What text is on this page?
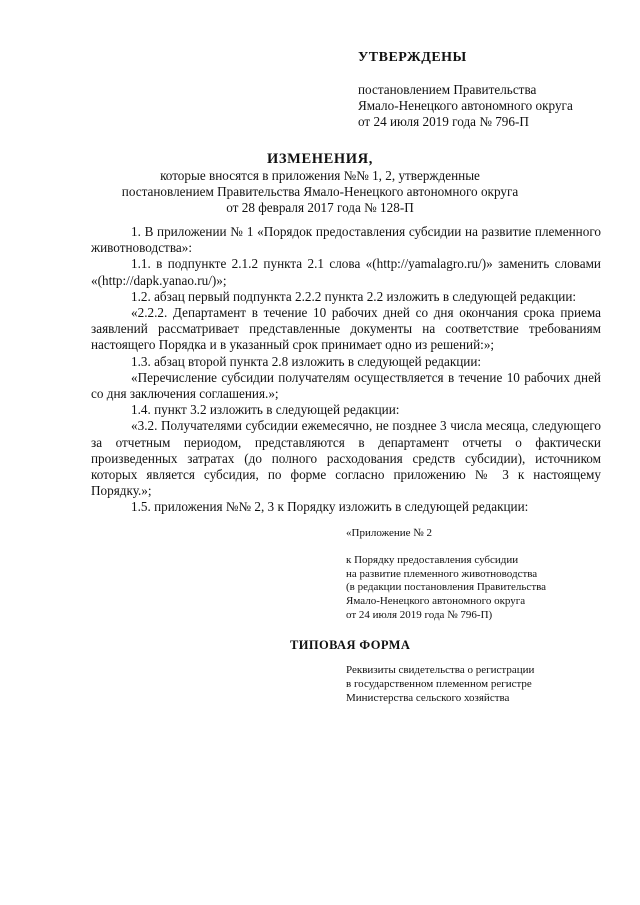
УТВЕРЖДЕНЫ
постановлением Правительства
Ямало-Ненецкого автономного округа
от 24 июля 2019 года № 796-П
ИЗМЕНЕНИЯ,
которые вносятся в приложения №№ 1, 2, утвержденные
постановлением Правительства Ямало-Ненецкого автономного округа
от 28 февраля 2017 года № 128-П

1. В приложении № 1 «Порядок предоставления субсидии на развитие племенного животноводства»:

1.1. в подпункте 2.1.2 пункта 2.1 слова «(http://yamalagro.ru/)» заменить словами «(http://dapk.yanao.ru/)»;

1.2. абзац первый подпункта 2.2.2 пункта 2.2 изложить в следующей редакции:

«2.2.2. Департамент в течение 10 рабочих дней со дня окончания срока приема заявлений рассматривает представленные документы на соответствие требованиям настоящего Порядка и в указанный срок принимает одно из решений:»;

1.3. абзац второй пункта 2.8 изложить в следующей редакции:

«Перечисление субсидии получателям осуществляется в течение 10 рабочих дней со дня заключения соглашения.»;

1.4. пункт 3.2 изложить в следующей редакции:

«3.2. Получателями субсидии ежемесячно, не позднее 3 числа месяца, следующего за отчетным периодом, представляются в департамент отчеты о фактически произведенных затратах (до полного расходования средств субсидии), источником которых является субсидия, по форме согласно приложению № 3 к настоящему Порядку.»;

1.5. приложения №№ 2, 3 к Порядку изложить в следующей редакции:

«Приложение № 2
к Порядку предоставления субсидии
на развитие племенного животноводства
(в редакции постановления Правительства
Ямало-Ненецкого автономного округа
от 24 июля 2019 года № 796-П)
ТИПОВАЯ ФОРМА
Реквизиты свидетельства о регистрации
в государственном племенном регистре
Министерства сельского хозяйства
